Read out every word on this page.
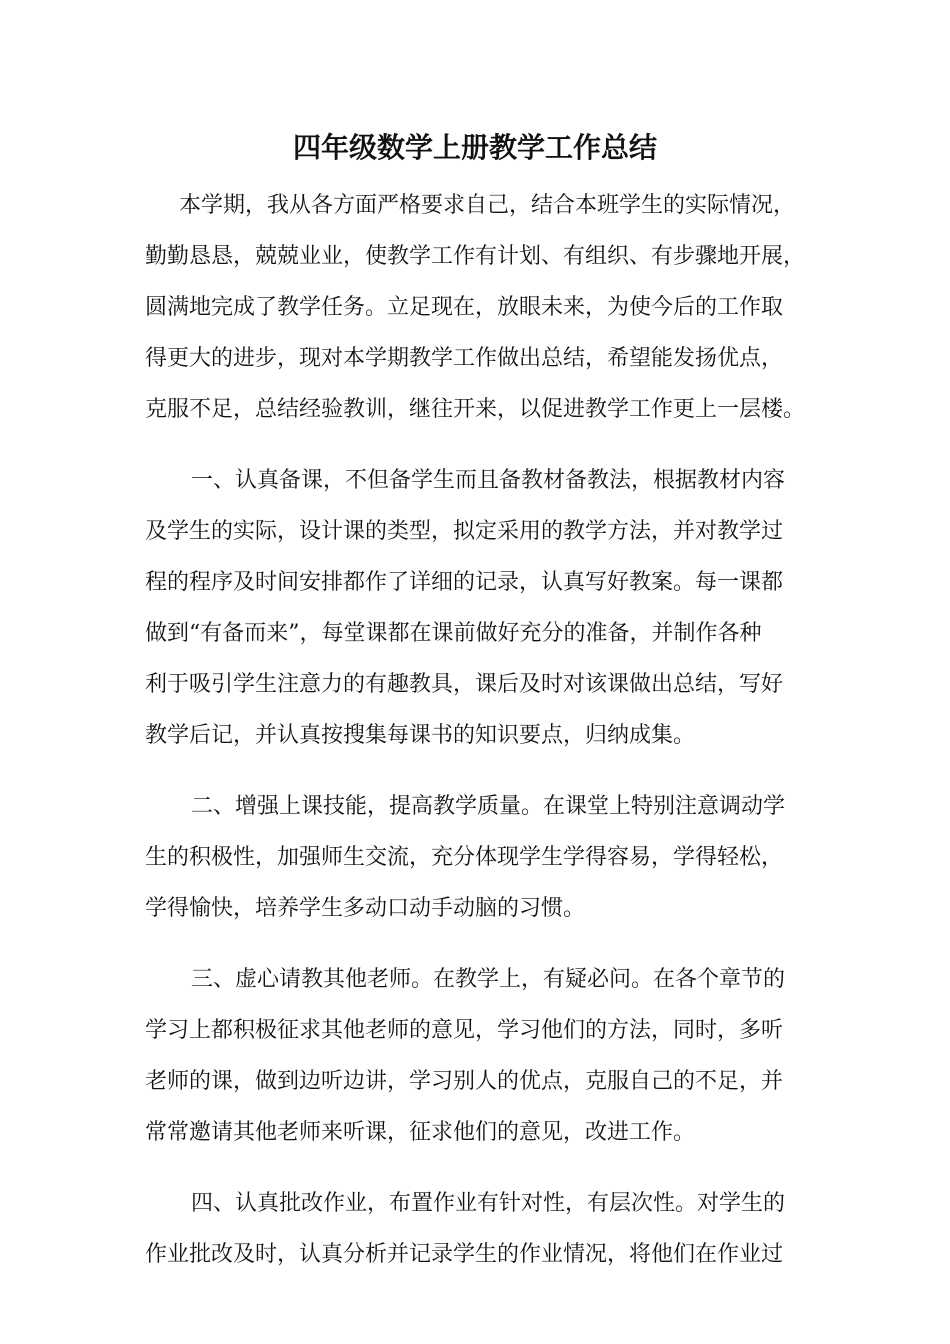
四年级数学上册教学工作总结
本学期，我从各方面严格要求自己，结合本班学生的实际情况，
勤勤恳恳，兢兢业业，使教学工作有计划、有组织、有步骤地开展，
圆满地完成了教学任务。立足现在，放眼未来，为使今后的工作取
得更大的进步，现对本学期教学工作做出总结，希望能发扬优点，
克服不足，总结经验教训，继往开来，以促进教学工作更上一层楼。
一、认真备课，不但备学生而且备教材备教法，根据教材内容
及学生的实际，设计课的类型，拟定采用的教学方法，并对教学过
程的程序及时间安排都作了详细的记录，认真写好教案。每一课都
做到“有备而来”，每堂课都在课前做好充分的准备，并制作各种
利于吸引学生注意力的有趣教具，课后及时对该课做出总结，写好
教学后记，并认真按搜集每课书的知识要点，归纳成集。
二、增强上课技能，提高教学质量。在课堂上特别注意调动学
生的积极性，加强师生交流，充分体现学生学得容易，学得轻松，
学得愉快，培养学生多动口动手动脑的习惯。
三、虚心请教其他老师。在教学上，有疑必问。在各个章节的
学习上都积极征求其他老师的意见，学习他们的方法，同时，多听
老师的课，做到边听边讲，学习别人的优点，克服自己的不足，并
常常邀请其他老师来听课，征求他们的意见，改进工作。
四、认真批改作业，布置作业有针对性，有层次性。对学生的
作业批改及时，认真分析并记录学生的作业情况，将他们在作业过
